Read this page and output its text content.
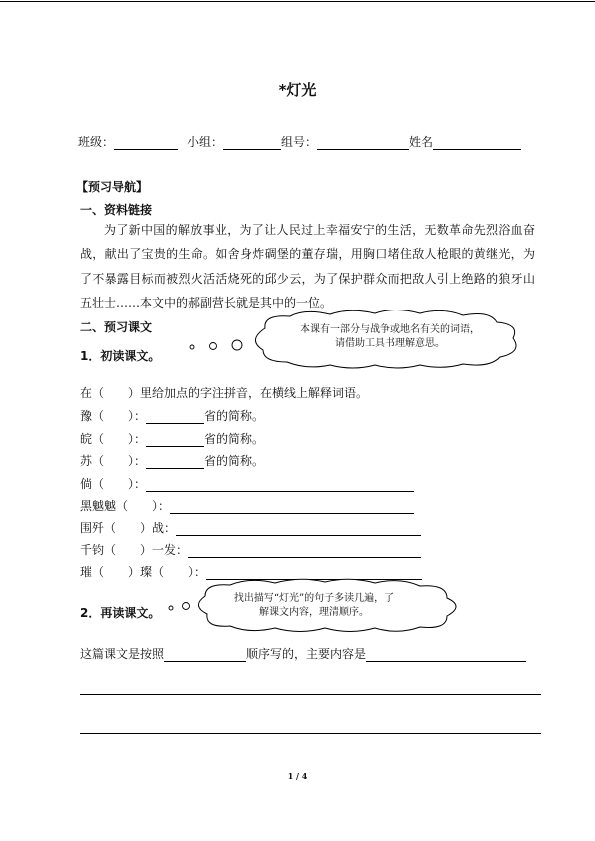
*灯光
班级：	小组：	组号：	姓名
【预习导航】
一、资料链接
为了新中国的解放事业，为了让人民过上幸福安宁的生活，无数革命先烈浴血奋战，献出了宝贵的生命。如舍身炸碉堡的董存瑞，用胸口堵住敌人枪眼的黄继光，为了不暴露目标而被烈火活活烧死的邱少云，为了保护群众而把敌人引上绝路的狼牙山五壮士……本文中的郝副营长就是其中的一位。
二、预习课文
1．初读课文。
本课有一部分与战争或地名有关的词语，请借助工具书理解意思。
在（　　）里给加点的字注拼音，在横线上解释词语。
豫（　　）：	省的简称。
皖（　　）：	省的简称。
苏（　　）：	省的简称。
倘（　　）：
黑魆魆（　　）：
围歼（　　）战：
千钧（　　）一发：
璀（　　）璨（　　）：
2．再读课文。
找出描写“灯光”的句子多读几遍，了解课文内容，理清顺序。
这篇课文是按照	顺序写的，主要内容是
1 / 4
